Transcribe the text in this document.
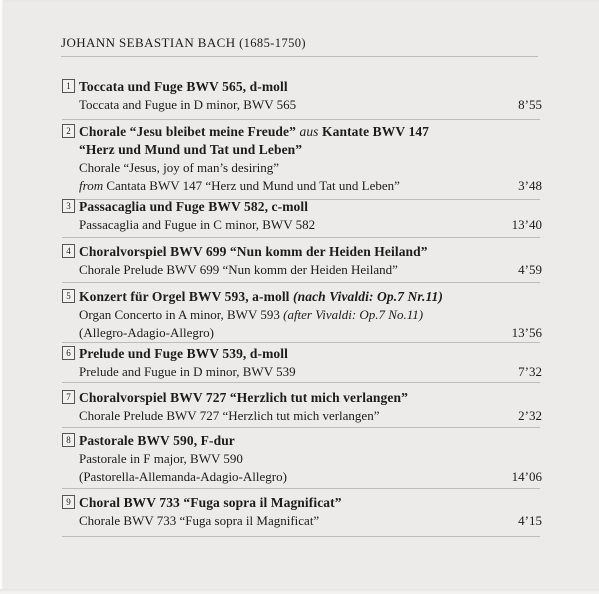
JOHANN SEBASTIAN BACH (1685-1750)
1 Toccata und Fuge BWV 565, d-moll
Toccata and Fugue in D minor, BWV 565	8’55
2 Chorale “Jesu bleibet meine Freude” aus Kantate BWV 147
“Herz und Mund und Tat und Leben”
Chorale “Jesus, joy of man’s desiring”
from Cantata BWV 147 “Herz und Mund und Tat und Leben”	3’48
3 Passacaglia und Fuge BWV 582, c-moll
Passacaglia and Fugue in C minor, BWV 582	13’40
4 Choralvorspiel BWV 699 “Nun komm der Heiden Heiland”
Chorale Prelude BWV 699 “Nun komm der Heiden Heiland”	4’59
5 Konzert für Orgel BWV 593, a-moll (nach Vivaldi: Op.7 Nr.11)
Organ Concerto in A minor, BWV 593 (after Vivaldi: Op.7 No.11)
(Allegro-Adagio-Allegro)	13’56
6 Prelude und Fuge BWV 539, d-moll
Prelude and Fugue in D minor, BWV 539	7’32
7 Choralvorspiel BWV 727 “Herzlich tut mich verlangen”
Chorale Prelude BWV 727 “Herzlich tut mich verlangen”	2’32
8 Pastorale BWV 590, F-dur
Pastorale in F major, BWV 590
(Pastorella-Allemanda-Adagio-Allegro)	14’06
9 Choral BWV 733 “Fuga sopra il Magnificat”
Chorale BWV 733 “Fuga sopra il Magnificat”	4’15
